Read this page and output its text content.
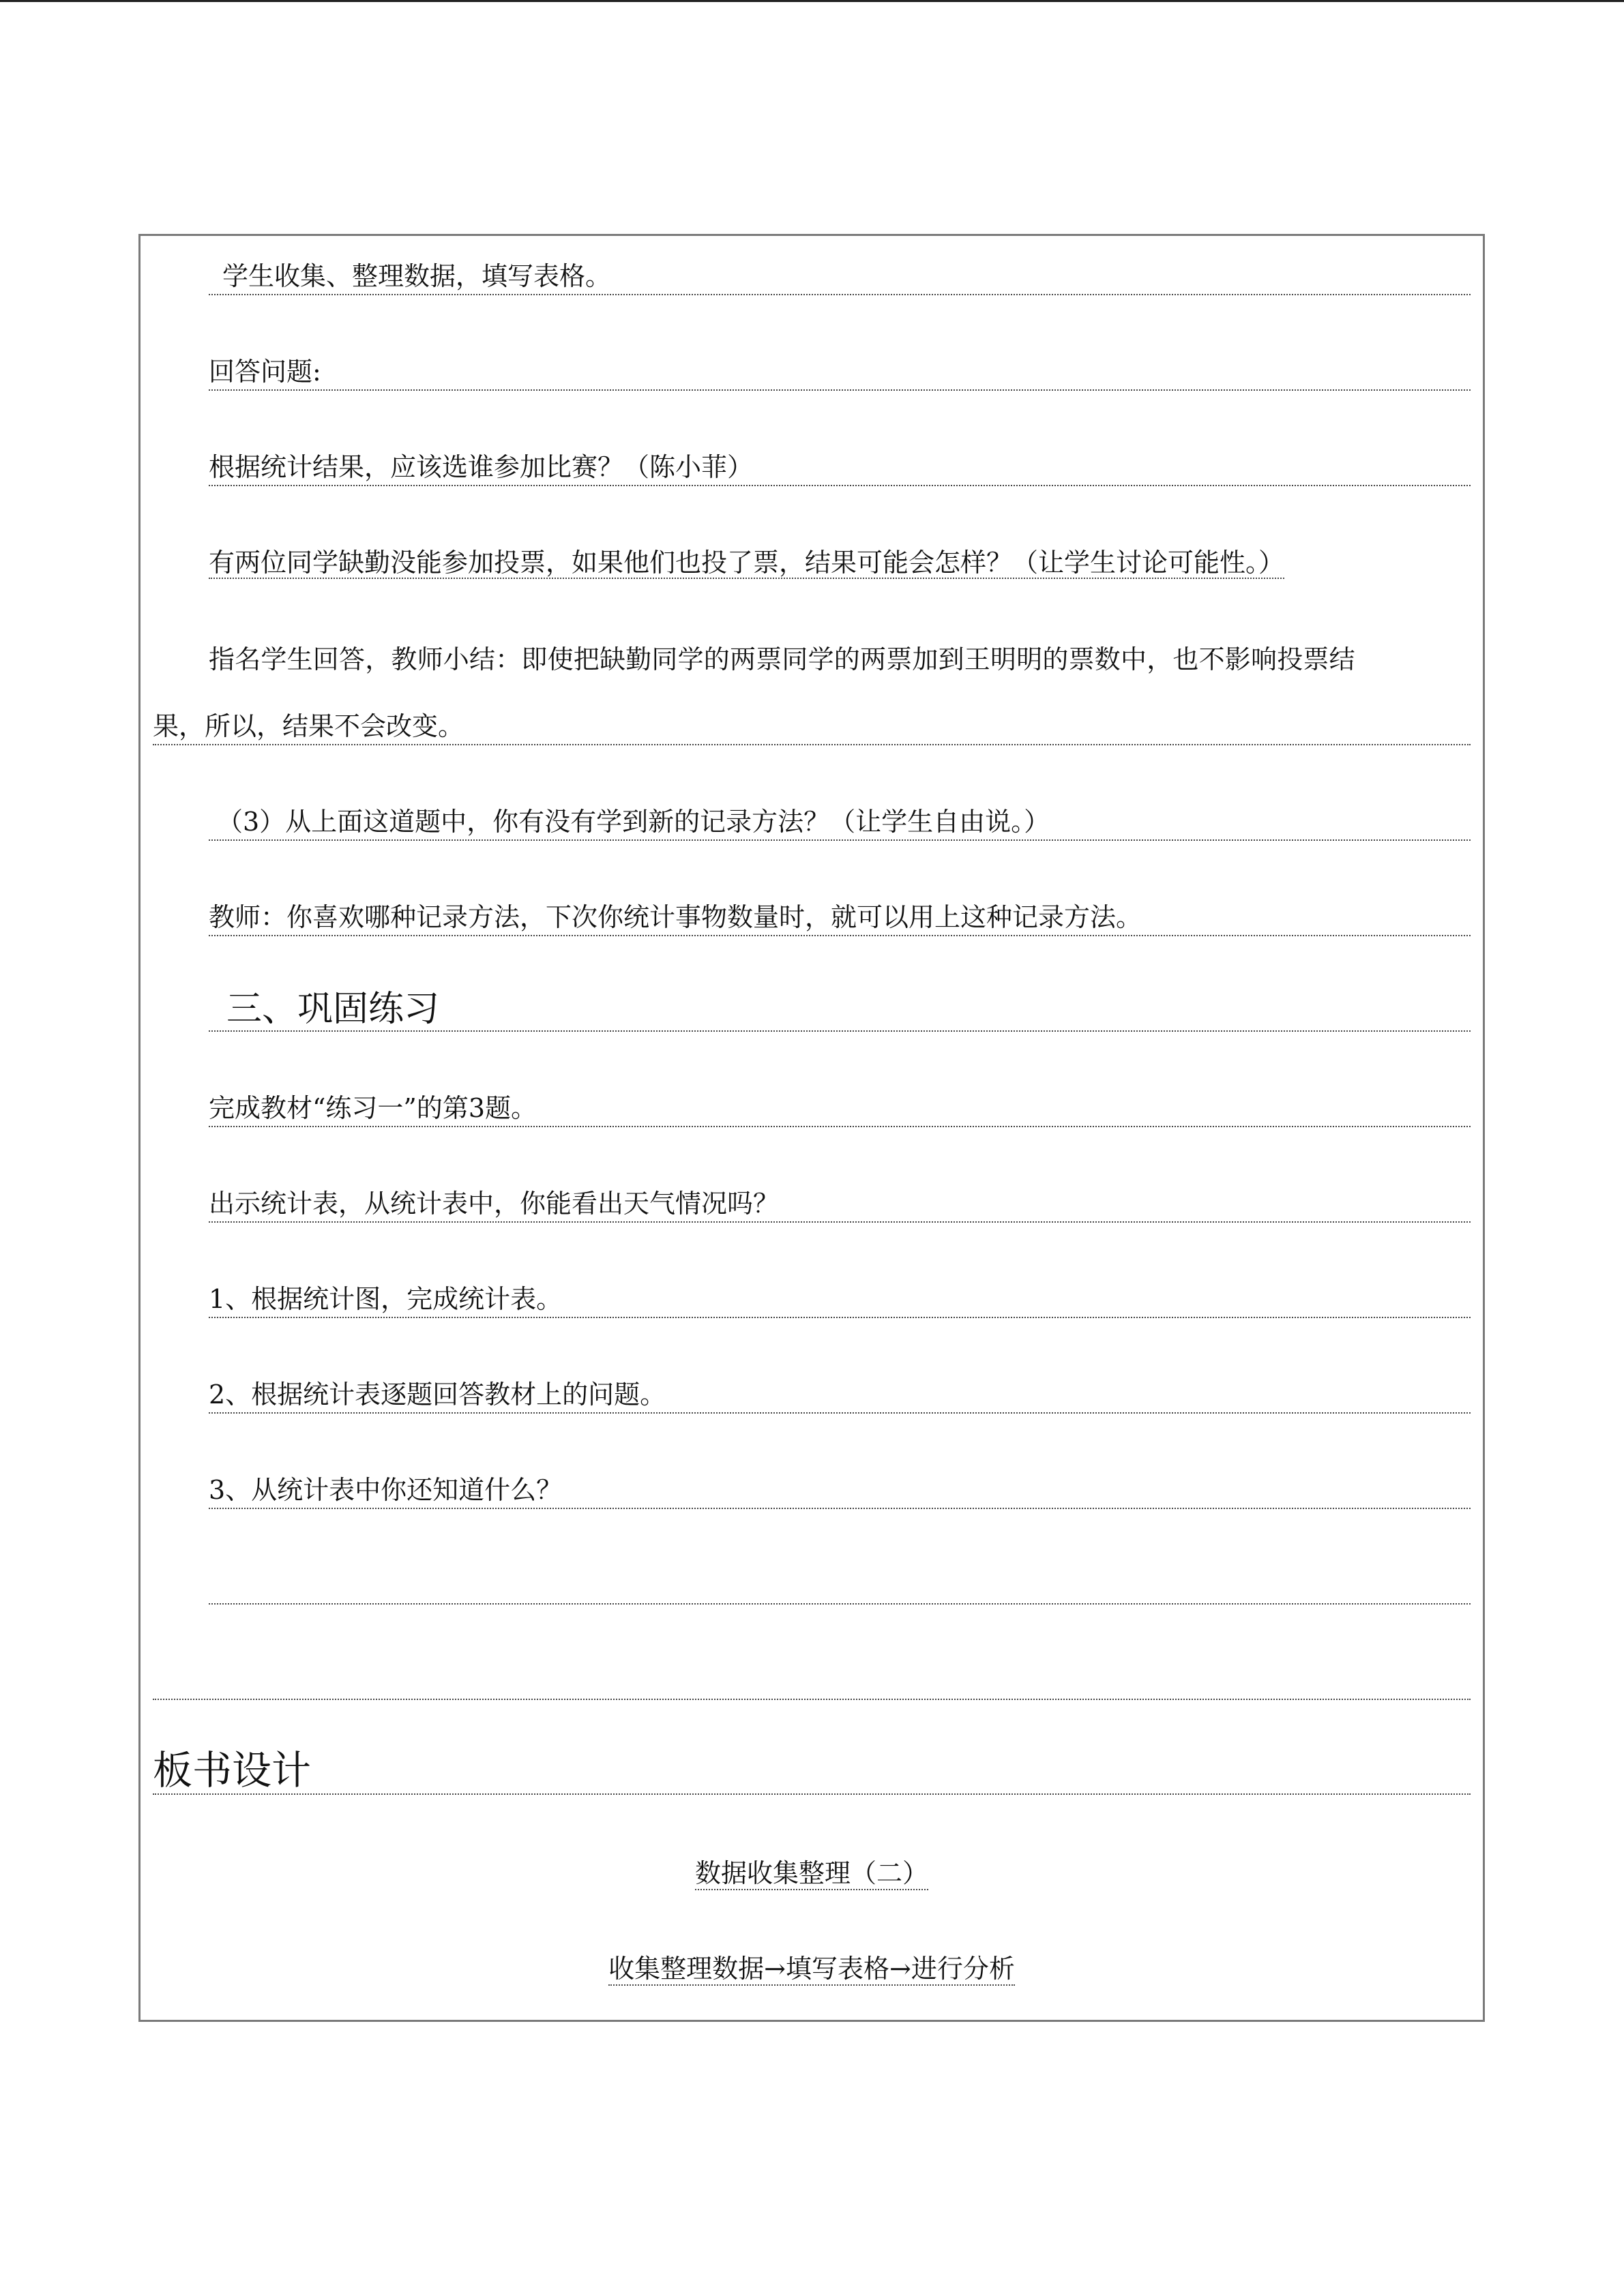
学生收集、整理数据，填写表格。
回答问题:
根据统计结果，应该选谁参加比赛？（陈小菲）
有两位同学缺勤没能参加投票，如果他们也投了票，结果可能会怎样？（让学生讨论可能性。）
指名学生回答，教师小结：即使把缺勤同学的两票同学的两票加到王明明的票数中，也不影响投票结
果，所以，结果不会改变。
（3）从上面这道题中，你有没有学到新的记录方法？（让学生自由说。）
教师：你喜欢哪种记录方法，下次你统计事物数量时，就可以用上这种记录方法。
三、巩固练习
完成教材“练习一”的第3题。
出示统计表，从统计表中，你能看出天气情况吗？
1、根据统计图，完成统计表。
2、根据统计表逐题回答教材上的问题。
3、从统计表中你还知道什么？
板书设计
数据收集整理（二）
收集整理数据→填写表格→进行分析
